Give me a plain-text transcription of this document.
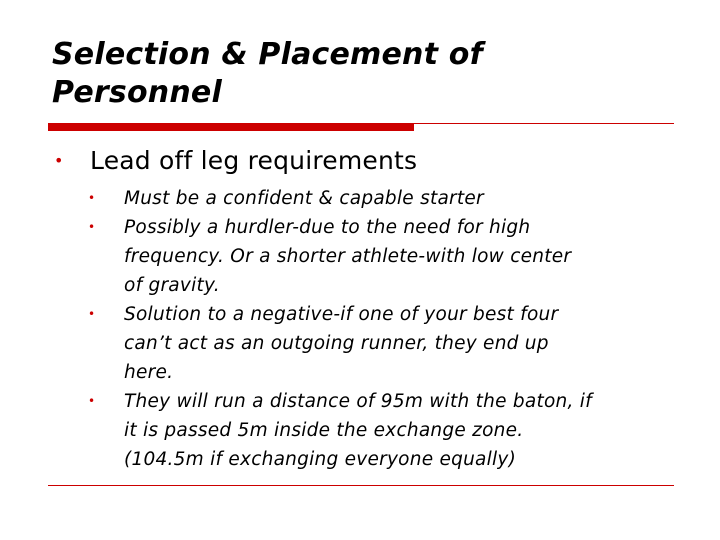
Selection & Placement of
Personnel
•	Lead off leg requirements
•	Must be a confident & capable starter
•	Possibly a hurdler-due to the need for high
frequency. Or a shorter athlete-with low center
of gravity.
•	Solution to a negative-if one of your best four
can’t act as an outgoing runner, they end up
here.
•	They will run a distance of 95m with the baton, if
it is passed 5m inside the exchange zone.
(104.5m if exchanging everyone equally)
